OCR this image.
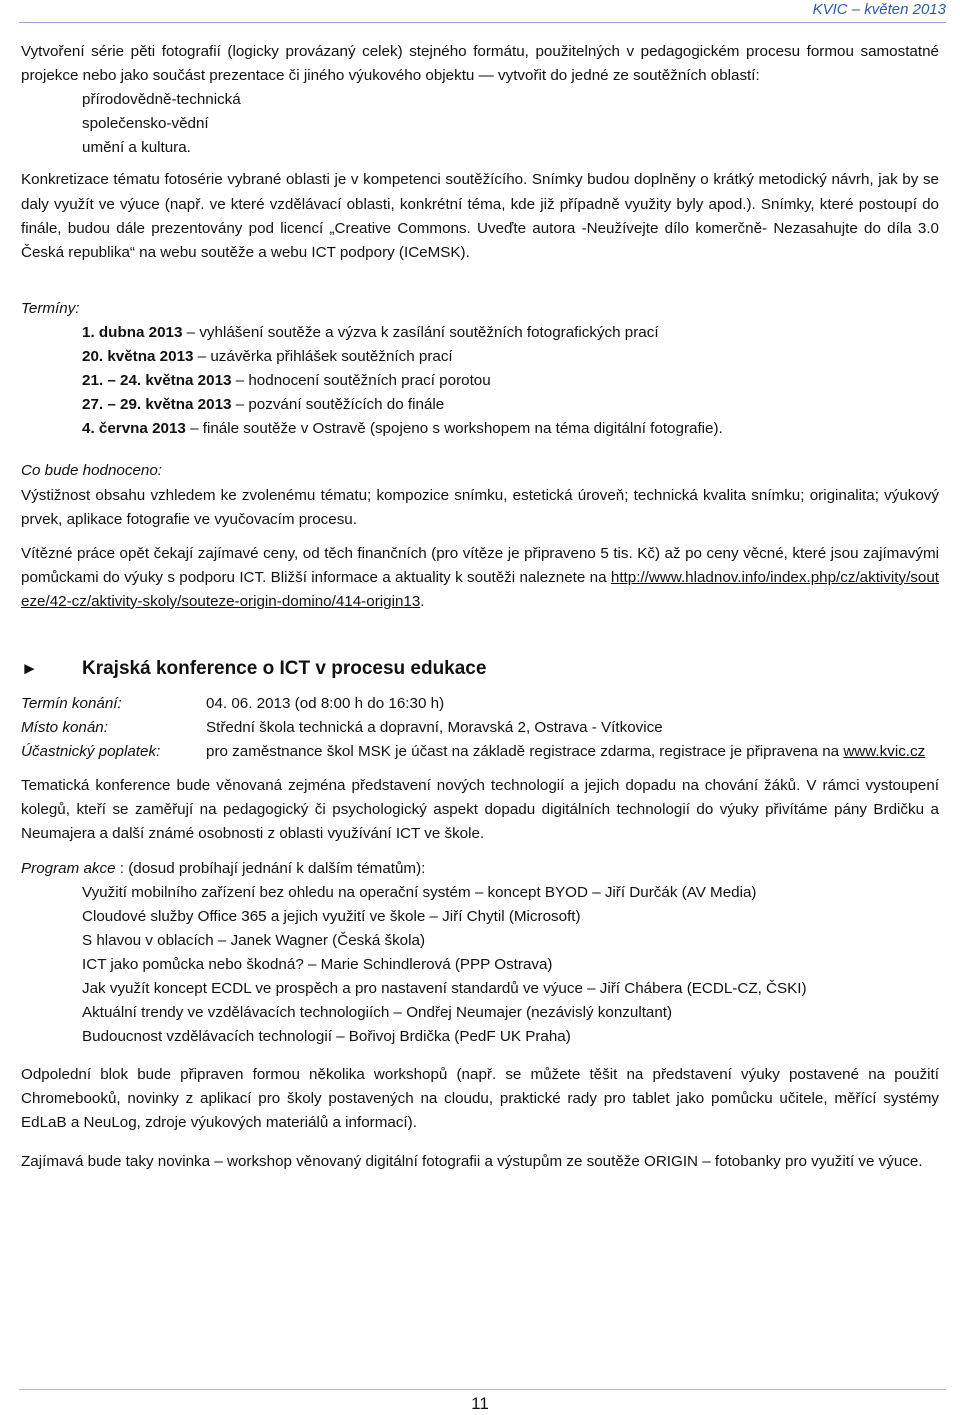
KVIC – květen 2013

Vytvoření série pěti fotografií (logicky provázaný celek) stejného formátu, použitelných v pedagogickém procesu formou samostatné projekce nebo jako součást prezentace či jiného výukového objektu — vytvořit do jedné ze soutěžních oblastí:

přírodovědně-technická

společensko-vědní

umění a kultura.

Konkretizace tématu fotosérie vybrané oblasti je v kompetenci soutěžícího. Snímky budou doplněny o krátký metodický návrh, jak by se daly využít ve výuce (např. ve které vzdělávací oblasti, konkrétní téma, kde již případně využity byly apod.). Snímky, které postoupí do finále, budou dále prezentovány pod licencí „Creative Commons. Uveďte autora -Neužívejte dílo komerčně- Nezasahujte do díla 3.0 Česká republika“ na webu soutěže a webu ICT podpory (ICeMSK).

Termíny:

1. dubna 2013 – vyhlášení soutěže a výzva k zasílání soutěžních fotografických prací

20. května 2013 – uzávěrka přihlášek soutěžních prací

21. – 24. května 2013 – hodnocení soutěžních prací porotou

27. – 29. května 2013 – pozvání soutěžících do finále

4. června 2013 – finále soutěže v Ostravě (spojeno s workshopem na téma digitální fotografie).

Co bude hodnoceno:

Výstižnost obsahu vzhledem ke zvolenému tématu; kompozice snímku, estetická úroveň; technická kvalita snímku; originalita; výukový prvek, aplikace fotografie ve vyučovacím procesu.

Vítězné práce opět čekají zajímavé ceny, od těch finančních (pro vítěze je připraveno 5 tis. Kč) až po ceny věcné, které jsou zajímavými pomůckami do výuky s podporu ICT. Bližší informace a aktuality k soutěži naleznete na http://www.hladnov.info/index.php/cz/aktivity/souteze/42-cz/aktivity-skoly/souteze-origin-domino/414-origin13.

►	Krajská konference o ICT v procesu edukace
Termín konání:	04. 06. 2013 (od 8:00 h do 16:30 h)
Místo konán:	Střední škola technická a dopravní, Moravská 2, Ostrava - Vítkovice
Účastnický poplatek:	pro zaměstnance škol MSK je účast na základě registrace zdarma, registrace je připravena na www.kvic.cz

Tematická konference bude věnovaná zejména představení nových technologií a jejich dopadu na chování žáků. V rámci vystoupení kolegů, kteří se zaměřují na pedagogický či psychologický aspekt dopadu digitálních technologií do výuky přivítáme pány Brdičku a Neumajera a další známé osobnosti z oblasti využívání ICT ve škole.

Program akce : (dosud probíhají jednání k dalším tématům):

Využití mobilního zařízení bez ohledu na operační systém – koncept BYOD – Jiří Durčák (AV Media)

Cloudové služby Office 365 a jejich využití ve škole – Jiří Chytil (Microsoft)

S hlavou v oblacích – Janek Wagner (Česká škola)

ICT jako pomůcka nebo škodná? – Marie Schindlerová (PPP Ostrava)

Jak využít koncept ECDL ve prospěch a pro nastavení standardů ve výuce – Jiří Chábera (ECDL-CZ, ČSKI)

Aktuální trendy ve vzdělávacích technologiích – Ondřej Neumajer (nezávislý konzultant)

Budoucnost vzdělávacích technologií – Bořivoj Brdička (PedF UK Praha)

Odpolední blok bude připraven formou několika workshopů (např. se můžete těšit na představení výuky postavené na použití Chromebooků, novinky z aplikací pro školy postavených na cloudu, praktické rady pro tablet jako pomůcku učitele, měřící systémy EdLaB a NeuLog, zdroje výukových materiálů a informací).

Zajímavá bude taky novinka – workshop věnovaný digitální fotografii a výstupům ze soutěže ORIGIN – fotobanky pro využití ve výuce.

11
